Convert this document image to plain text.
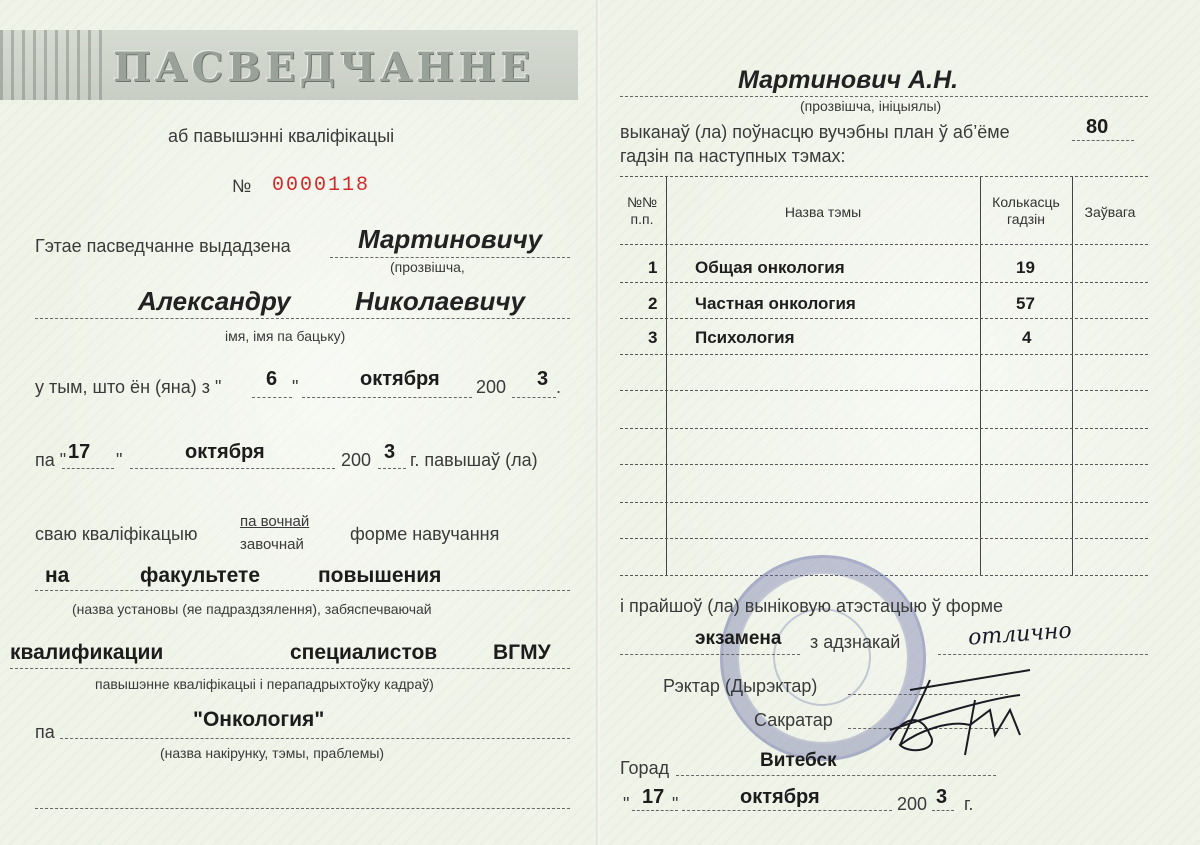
ПАСВЕДЧАННЕ
аб павышэнні кваліфікацыі
№ 0000118
Гэтае пасведчанне выдадзена	Мартиновичу
(прозвішча,
Александру Николаевичу
імя, імя па бацьку)
у тым, што ён (яна) з " 6 "	октября 200 3 .
па " 17 "	октября	200 3 г. павышаў (ла)
сваю кваліфікацыю
па вочнай
завочнай
форме навучання
на	факультете	повышения
(назва установы (яе падраздзялення), забяспечваючай
квалификации	специалистов	ВГМУ
павышэнне кваліфікацыі і перападрыхтоўку кадраў)
па
"Онкология"
(назва накірунку, тэмы, праблемы)
Мартинович А.Н.
(прозвішча, ініцыялы)
выканаў (ла) поўнасцю вучэбны план ў аб’ёме	80
гадзін па наступных тэмах:
№№
п.п.	Назва тэмы
Колькасць
гадзін	Заўвага
1 Общая онкология	19
2 Частная онкология	57
3 Психология	4
і прайшоў (ла) выніковую атэстацыю ў форме
экзамена з адзнакай	отлично
Рэктар (Дырэктар)
Сакратар
Горад	Витебск
" 17 "	октября	200 3 г.
